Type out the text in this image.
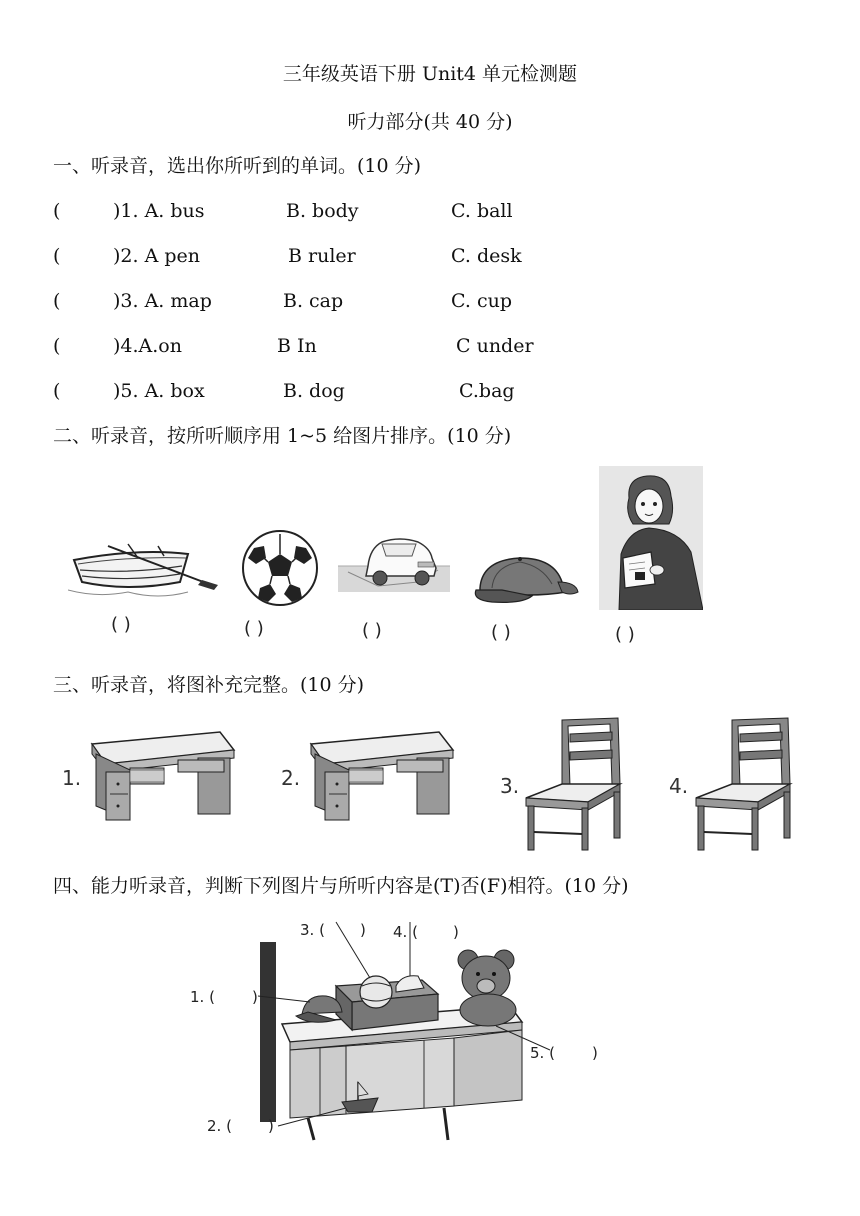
三年级英语下册 Unit4 单元检测题
听力部分(共 40 分)
一、听录音，选出你所听到的单词。(10 分)
(	)1. A. bus	B. body	C. ball
(	)2. A pen	B ruler	C. desk
(	)3. A. map	B. cap	C. cup
(	)4.A.on	B In	C under
(	)5. A. box	B. dog	C.bag
二、听录音，按所听顺序用 1~5 给图片排序。(10 分)
( )	( )	( )	( )	( )
三、听录音，将图补充完整。(10 分)
1.	2.	3.	4.
四、能力听录音，判断下列图片与所听内容是(T)否(F)相符。(10 分)
1. ( )
2. ( )
3. ( ) 4. ( )
5. ( )
